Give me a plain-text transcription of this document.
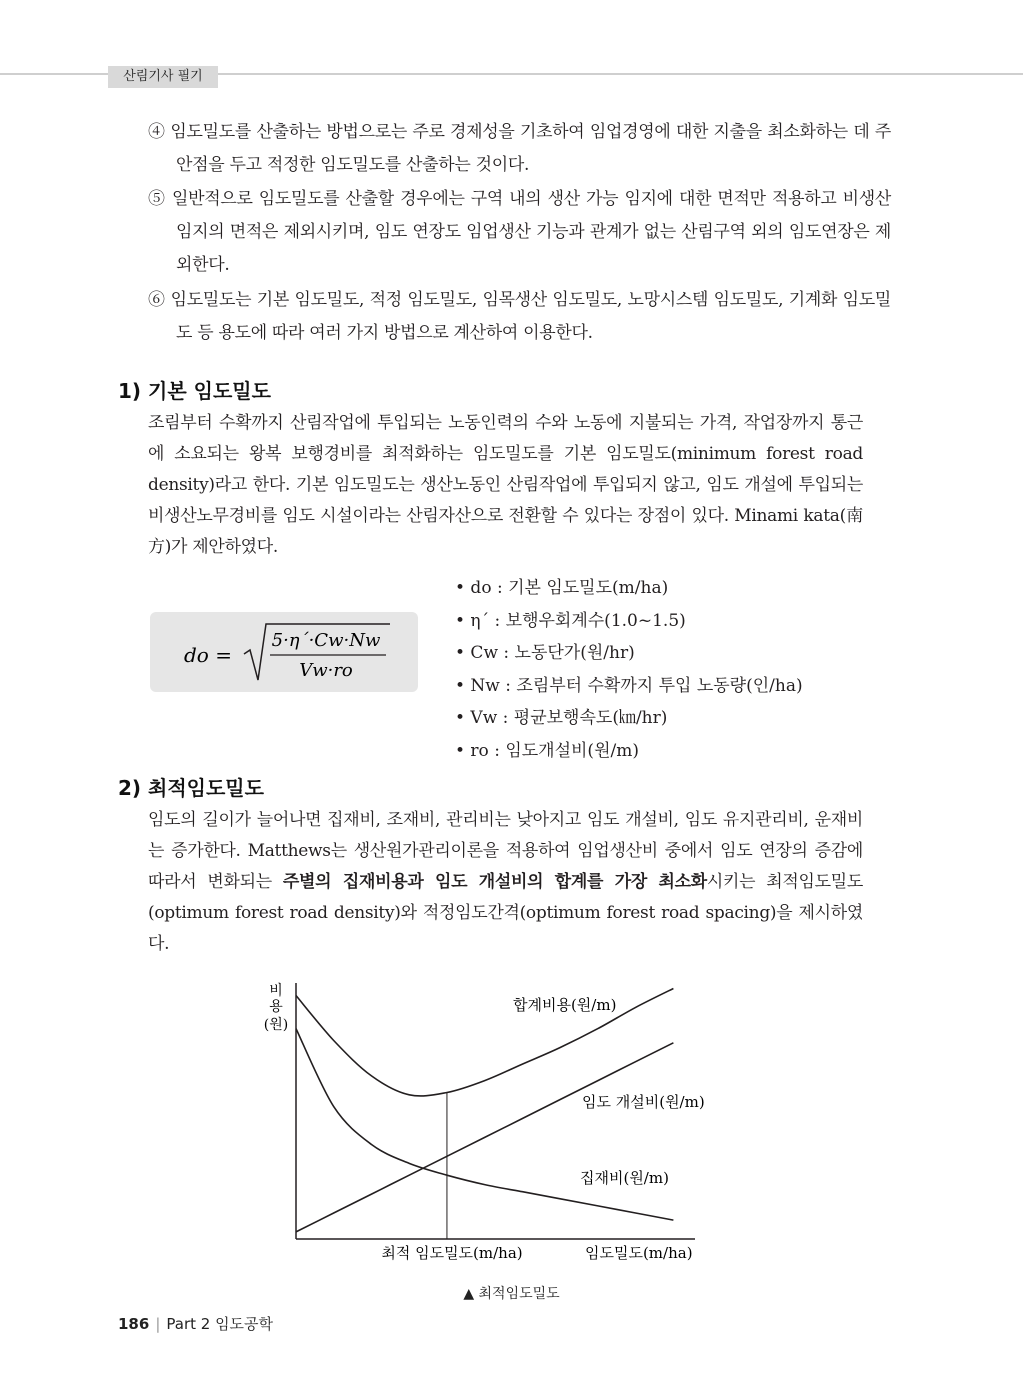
산림기사 필기
④ 임도밀도를 산출하는 방법으로는 주로 경제성을 기초하여 임업경영에 대한 지출을 최소화하는 데 주안점을 두고 적정한 임도밀도를 산출하는 것이다.
⑤ 일반적으로 임도밀도를 산출할 경우에는 구역 내의 생산 가능 임지에 대한 면적만 적용하고 비생산 임지의 면적은 제외시키며, 임도 연장도 임업생산 기능과 관계가 없는 산림구역 외의 임도연장은 제외한다.
⑥ 임도밀도는 기본 임도밀도, 적정 임도밀도, 임목생산 임도밀도, 노망시스템 임도밀도, 기계화 임도밀도 등 용도에 따라 여러 가지 방법으로 계산하여 이용한다.
1) 기본 임도밀도
조림부터 수확까지 산림작업에 투입되는 노동인력의 수와 노동에 지불되는 가격, 작업장까지 통근에 소요되는 왕복 보행경비를 최적화하는 임도밀도를 기본 임도밀도(minimum forest road density)라고 한다. 기본 임도밀도는 생산노동인 산림작업에 투입되지 않고, 임도 개설에 투입되는 비생산노무경비를 임도 시설이라는 산림자산으로 전환할 수 있다는 장점이 있다. Minami kata(南方)가 제안하였다.
do =
5·η´·Cw·Nw
Vw·ro
• do : 기본 임도밀도(m/ha)
• η´ : 보행우회계수(1.0~1.5)
• Cw : 노동단가(원/hr)
• Nw : 조림부터 수확까지 투입 노동량(인/ha)
• Vw : 평균보행속도(㎞/hr)
• ro : 임도개설비(원/m)
2) 최적임도밀도
임도의 길이가 늘어나면 집재비, 조재비, 관리비는 낮아지고 임도 개설비, 임도 유지관리비, 운재비는 증가한다. Matthews는 생산원가관리이론을 적용하여 임업생산비 중에서 임도 연장의 증감에 따라서 변화되는 주별의 집재비용과 임도 개설비의 합계를 가장 최소화시키는 최적임도밀도(optimum forest road density)와 적정임도간격(optimum forest road spacing)을 제시하였다.
비
용
(원)
합계비용(원/m)
임도 개설비(원/m)
집재비(원/m)
최적 임도밀도(m/ha)	임도밀도(m/ha)
▲ 최적임도밀도
186 | Part 2 임도공학
